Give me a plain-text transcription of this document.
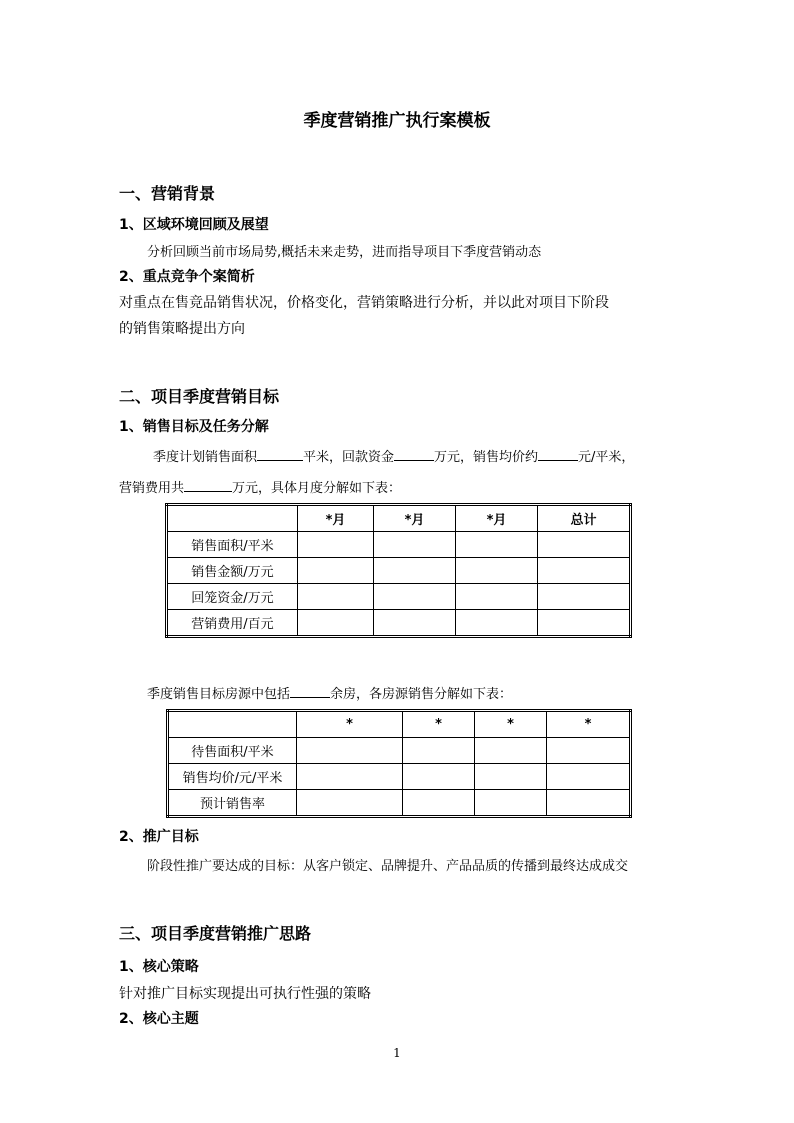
季度营销推广执行案模板
一、营销背景
1、区域环境回顾及展望
分析回顾当前市场局势,概括未来走势，进而指导项目下季度营销动态
2、重点竞争个案简析
对重点在售竞品销售状况，价格变化，营销策略进行分析，并以此对项目下阶段
的销售策略提出方向
二、项目季度营销目标
1、销售目标及任务分解
季度计划销售面积	平米，回款资金	万元，销售均价约	元/平米，
营销费用共	万元，具体月度分解如下表：
	*月	*月	*月	总计
销售面积/平米				
销售金额/万元				
回笼资金/万元				
营销费用/百元				
季度销售目标房源中包括	余房，各房源销售分解如下表：
	*	*	*	*
待售面积/平米				
销售均价/元/平米				
预计销售率				
2、推广目标
阶段性推广要达成的目标：从客户锁定、品牌提升、产品品质的传播到最终达成成交
三、项目季度营销推广思路
1、核心策略
针对推广目标实现提出可执行性强的策略
2、核心主题
1
